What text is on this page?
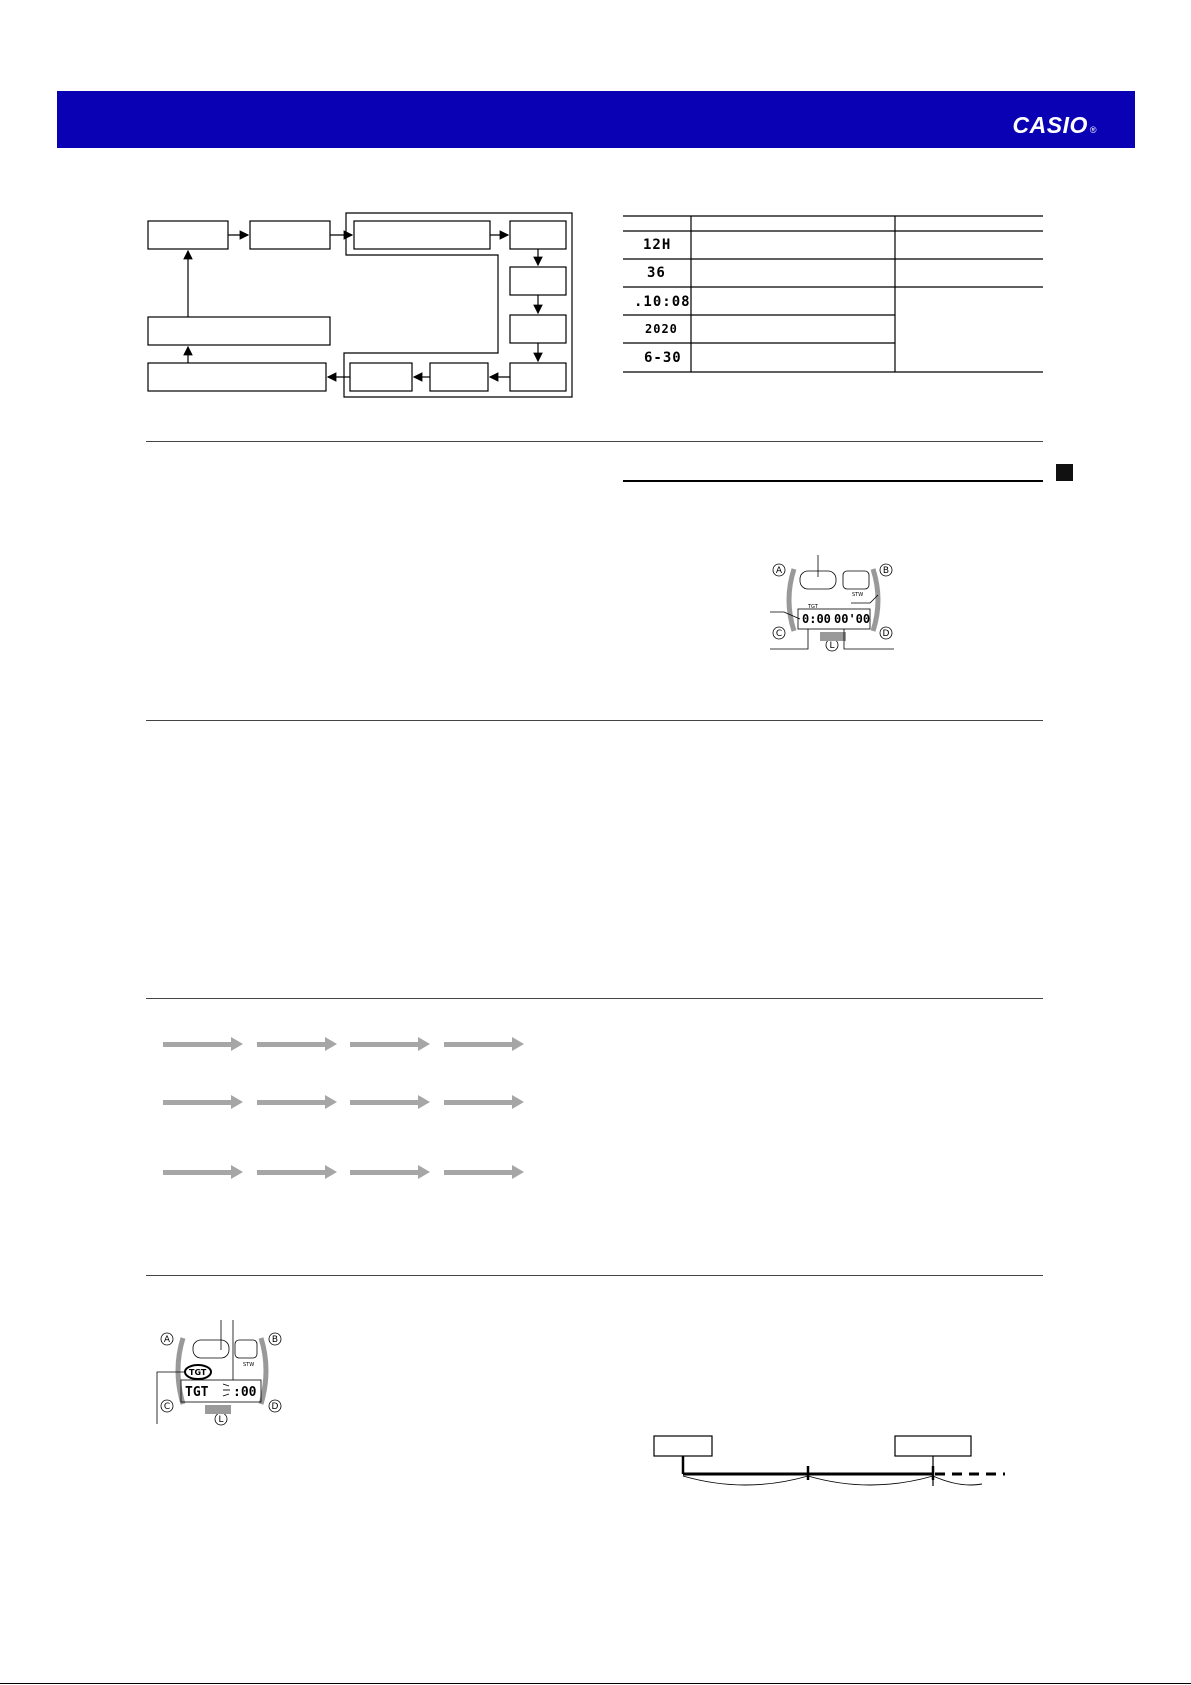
CASIO ®
12H
36
.10:08
2020
6-30
A	B
C	D
L
TGT
STW
0:00 00'00
A	B
C	D
L
STW
TGT
TGT :00
